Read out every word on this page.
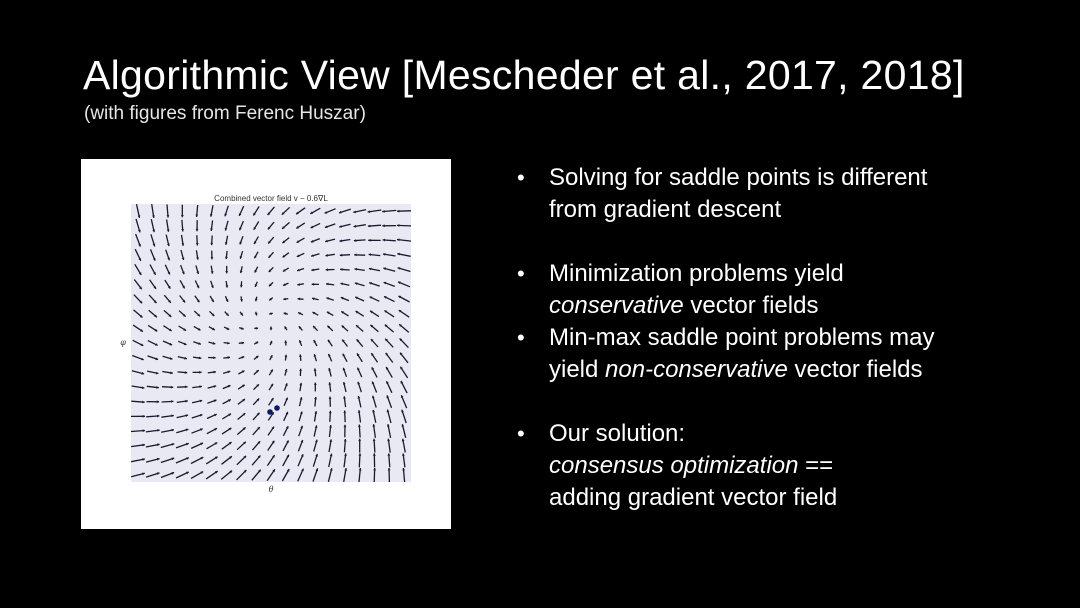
Algorithmic View [Mescheder et al., 2017, 2018]

(with figures from Ferenc Huszar)

Combined vector field v − 0.6∇L
θ
φ
• Solving for saddle points is different
from gradient descent
• Minimization problems yield
conservative vector fields
• Min-max saddle point problems may
yield non-conservative vector fields
• Our solution:
consensus optimization ==
adding gradient vector field
